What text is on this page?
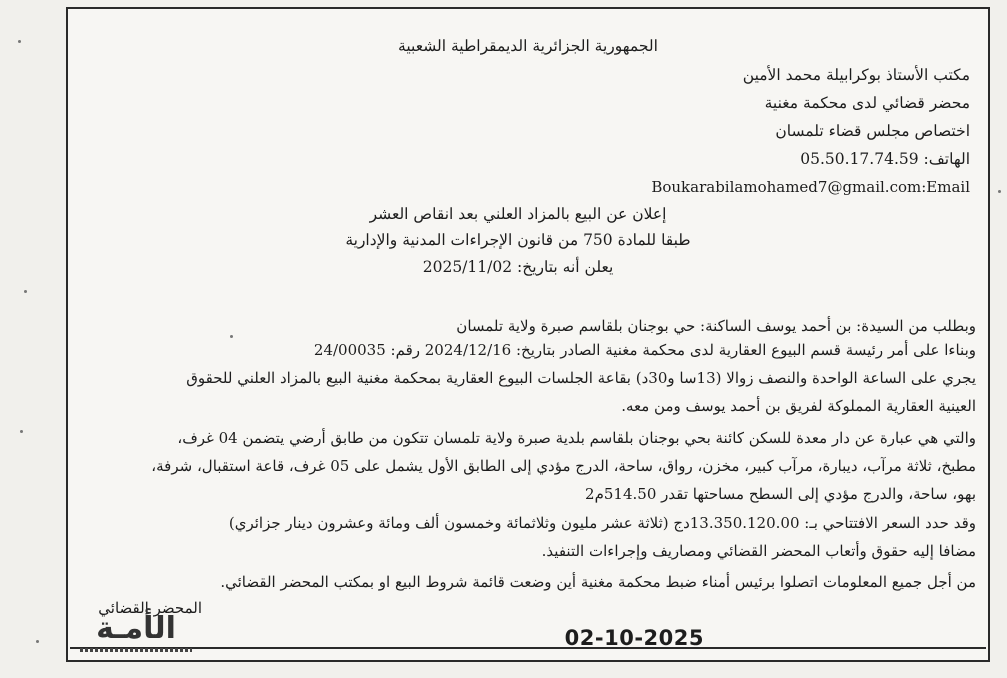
الجمهورية الجزائرية الديمقراطية الشعبية
مكتب الأستاذ بوكرابيلة محمد الأمين
محضر قضائي لدى محكمة مغنية
اختصاص مجلس قضاء تلمسان
الهاتف: 05.50.17.74.59
Boukarabilamohamed7@gmail.com:Email
إعلان عن البيع بالمزاد العلني بعد انقاص العشر
طبقا للمادة 750 من قانون الإجراءات المدنية والإدارية
يعلن أنه بتاريخ: 2025/11/02
وبطلب من السيدة: بن أحمد يوسف الساكنة: حي بوجنان بلقاسم صبرة ولاية تلمسان
وبناءا على أمر رئيسة قسم البيوع العقارية لدى محكمة مغنية الصادر بتاريخ: 2024/12/16 رقم: 24/00035
يجري على الساعة الواحدة والنصف زوالا (13سا و30د) بقاعة الجلسات البيوع العقارية بمحكمة مغنية البيع بالمزاد العلني للحقوق
العينية العقارية المملوكة لفريق بن أحمد يوسف ومن معه.
والتي هي عبارة عن دار معدة للسكن كائنة بحي بوجنان بلقاسم بلدية صبرة ولاية تلمسان تتكون من طابق أرضي يتضمن 04 غرف،
مطبخ، ثلاثة مرآب، ديبارة، مرآب كبير، مخزن، رواق، ساحة، الدرج مؤدي إلى الطابق الأول يشمل على 05 غرف، قاعة استقبال، شرفة،
بهو، ساحة، والدرج مؤدي إلى السطح مساحتها تقدر 514.50م2
وقد حدد السعر الافتتاحي بـ: 13.350.120.00دج (ثلاثة عشر مليون وثلاثمائة وخمسون ألف ومائة وعشرون دينار جزائري)
مضافا إليه حقوق وأتعاب المحضر القضائي ومصاريف وإجراءات التنفيذ.
من أجل جميع المعلومات اتصلوا برئيس أمناء ضبط محكمة مغنية أين وضعت قائمة شروط البيع او بمكتب المحضر القضائي.
المحضر القضائي
02-10-2025
الأمـة
